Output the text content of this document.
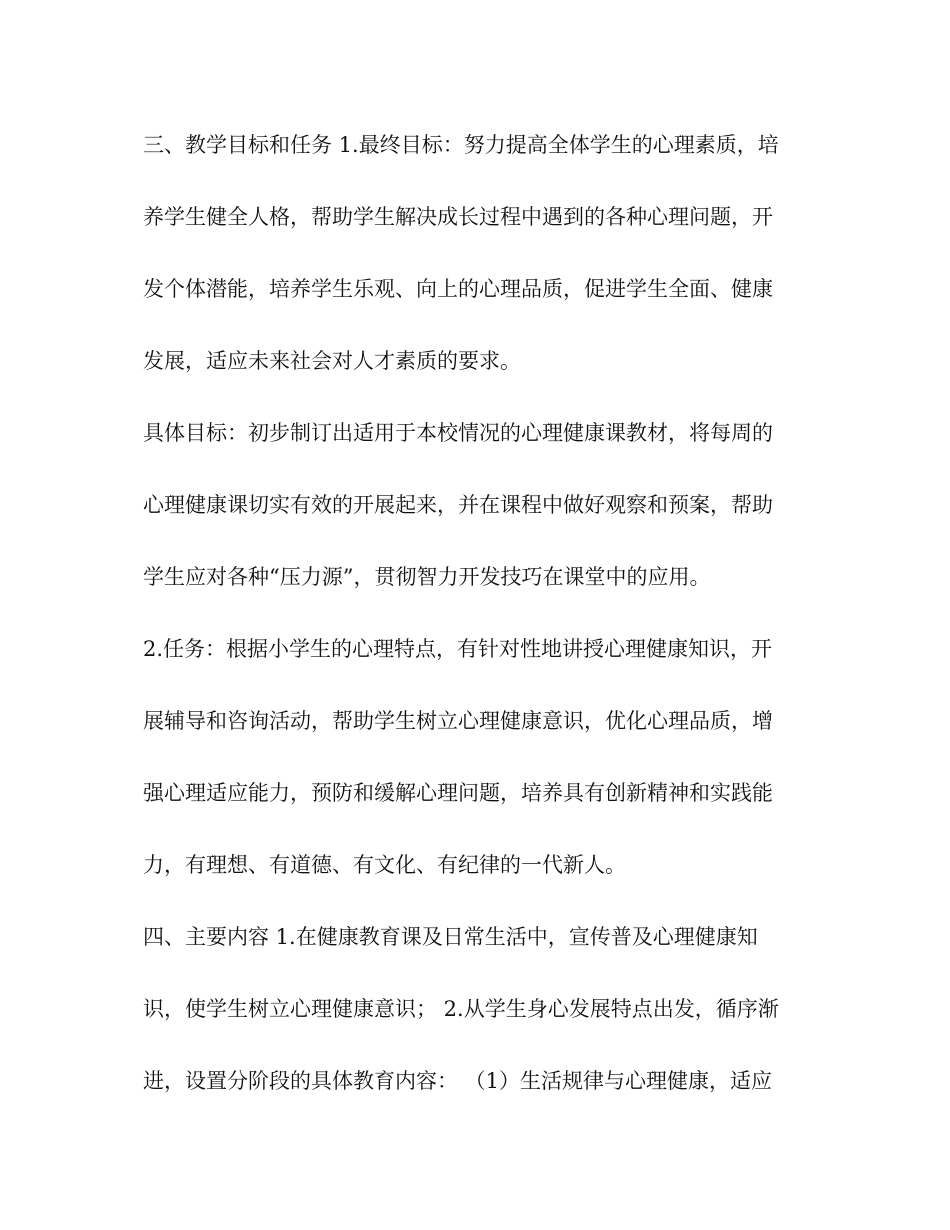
三、教学目标和任务 1.最终目标：努力提高全体学生的心理素质，培
养学生健全人格，帮助学生解决成长过程中遇到的各种心理问题，开
发个体潜能，培养学生乐观、向上的心理品质，促进学生全面、健康
发展，适应未来社会对人才素质的要求。
具体目标：初步制订出适用于本校情况的心理健康课教材，将每周的
心理健康课切实有效的开展起来，并在课程中做好观察和预案，帮助
学生应对各种“压力源”，贯彻智力开发技巧在课堂中的应用。
2.任务：根据小学生的心理特点，有针对性地讲授心理健康知识，开
展辅导和咨询活动，帮助学生树立心理健康意识，优化心理品质，增
强心理适应能力，预防和缓解心理问题，培养具有创新精神和实践能
力，有理想、有道德、有文化、有纪律的一代新人。
四、主要内容 1.在健康教育课及日常生活中，宣传普及心理健康知
识，使学生树立心理健康意识； 2.从学生身心发展特点出发，循序渐
进，设置分阶段的具体教育内容： （1）生活规律与心理健康，适应
